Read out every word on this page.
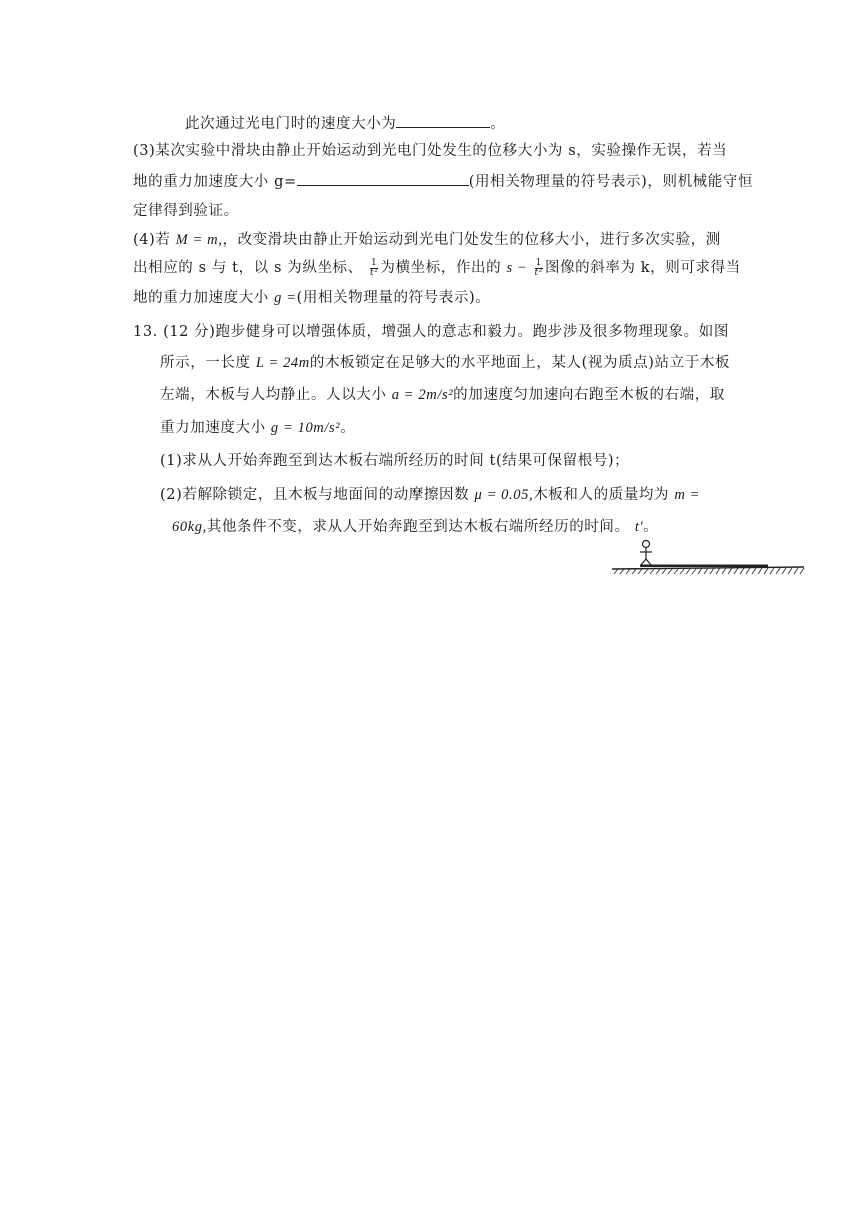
此次通过光电门时的速度大小为	。
(3)某次实验中滑块由静止开始运动到光电门处发生的位移大小为 s，实验操作无误，若当
地的重力加速度大小 g=	(用相关物理量的符号表示)，则机械能守恒
定律得到验证。
(4)若 M = m,，改变滑块由静止开始运动到光电门处发生的位移大小，进行多次实验，测
出相应的 s 与 t，以 s 为纵坐标、 $\frac{1}{\text{t²}}$ 为横坐标，作出的 $s - \frac{1}{\text{t²}}$ 图像的斜率为 k，则可求得当
地的重力加速度大小 g =(用相关物理量的符号表示)。
13. (12 分)跑步健身可以增强体质，增强人的意志和毅力。跑步涉及很多物理现象。如图
所示，一长度 L = 24m的木板锁定在足够大的水平地面上，某人(视为质点)站立于木板
左端，木板与人均静止。人以大小 a = 2m/s²的加速度匀加速向右跑至木板的右端，取
重力加速度大小 g = 10m/s²。
(1)求从人开始奔跑至到达木板右端所经历的时间 t(结果可保留根号)；
(2)若解除锁定，且木板与地面间的动摩擦因数 μ = 0.05,木板和人的质量均为 m =
60kg,其他条件不变，求从人开始奔跑至到达木板右端所经历的时间。 t′。
